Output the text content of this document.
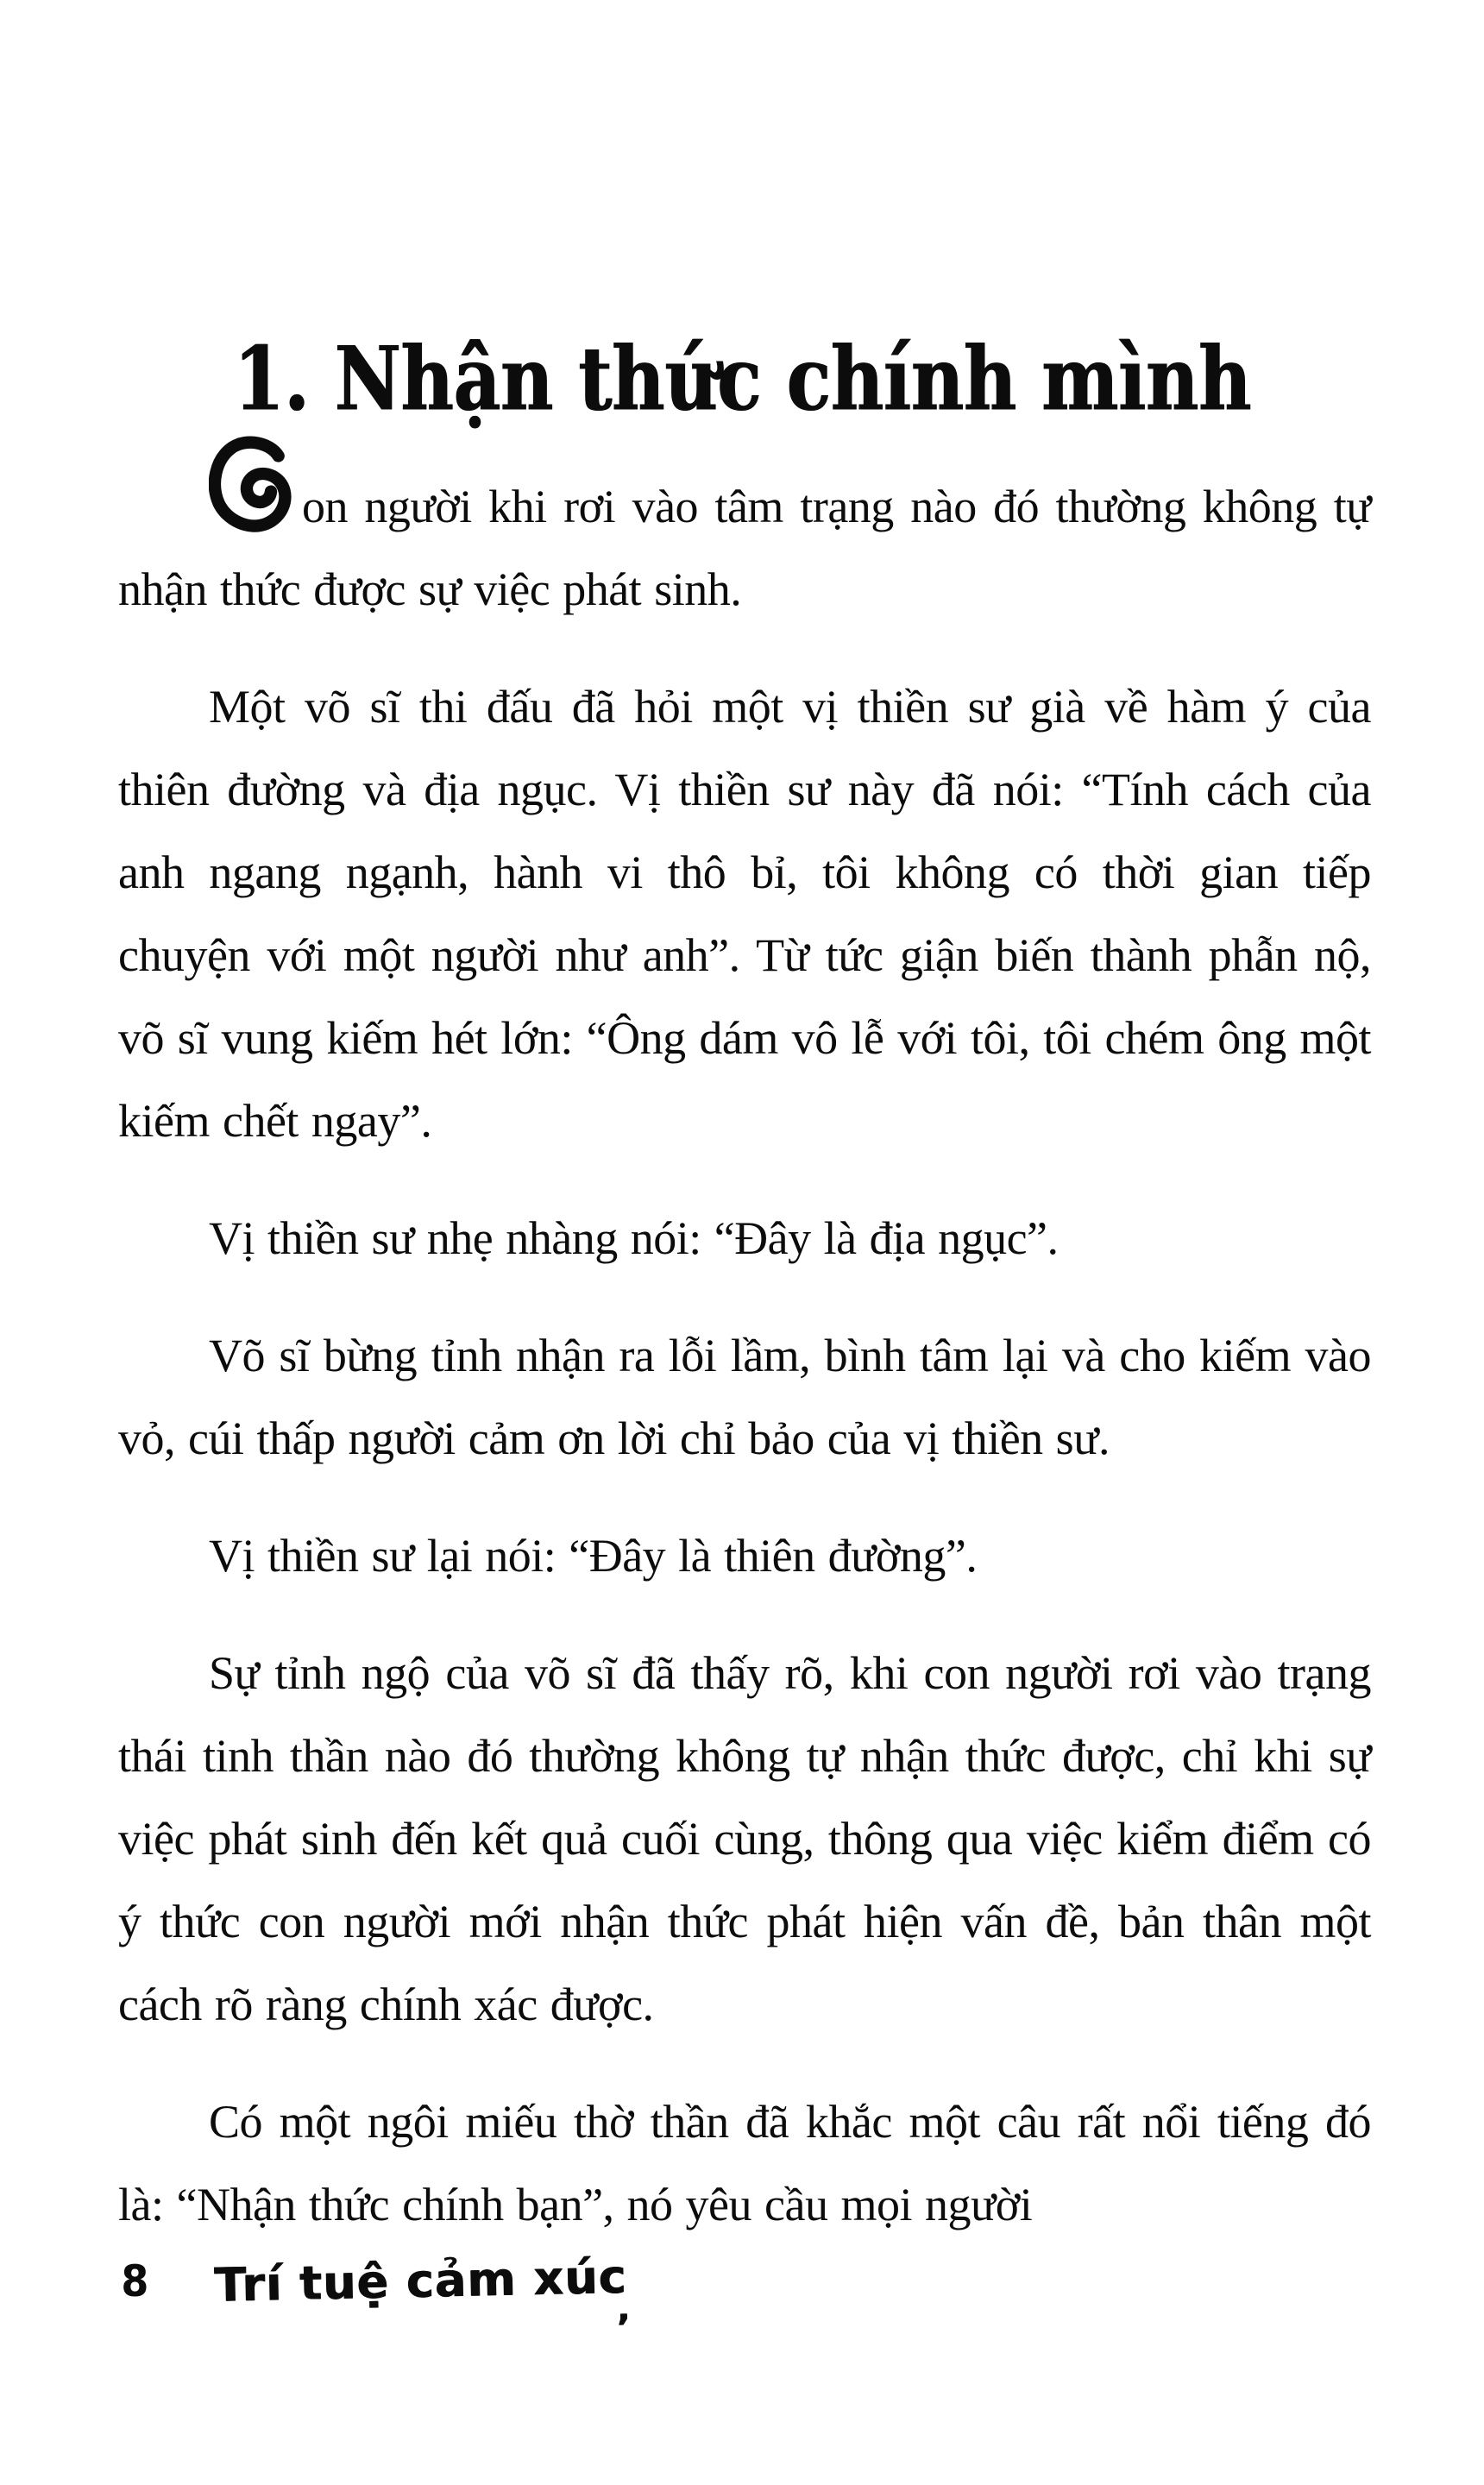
1. Nhận thức chính mình

on người khi rơi vào tâm trạng nào đó thường không tự nhận thức được sự việc phát sinh.

Một võ sĩ thi đấu đã hỏi một vị thiền sư già về hàm ý của thiên đường và địa ngục. Vị thiền sư này đã nói: “Tính cách của anh ngang ngạnh, hành vi thô bỉ, tôi không có thời gian tiếp chuyện với một người như anh”. Từ tức giận biến thành phẫn nộ, võ sĩ vung kiếm hét lớn: “Ông dám vô lễ với tôi, tôi chém ông một kiếm chết ngay”.

Vị thiền sư nhẹ nhàng nói: “Đây là địa ngục”.

Võ sĩ bừng tỉnh nhận ra lỗi lầm, bình tâm lại và cho kiếm vào vỏ, cúi thấp người cảm ơn lời chỉ bảo của vị thiền sư.

Vị thiền sư lại nói: “Đây là thiên đường”.

Sự tỉnh ngộ của võ sĩ đã thấy rõ, khi con người rơi vào trạng thái tinh thần nào đó thường không tự nhận thức được, chỉ khi sự việc phát sinh đến kết quả cuối cùng, thông qua việc kiểm điểm có ý thức con người mới nhận thức phát hiện vấn đề, bản thân một cách rõ ràng chính xác được.

Có một ngôi miếu thờ thần đã khắc một câu rất nổi tiếng đó là: “Nhận thức chính bạn”, nó yêu cầu mọi người

8 Trí tuệ cảm xúc
’
